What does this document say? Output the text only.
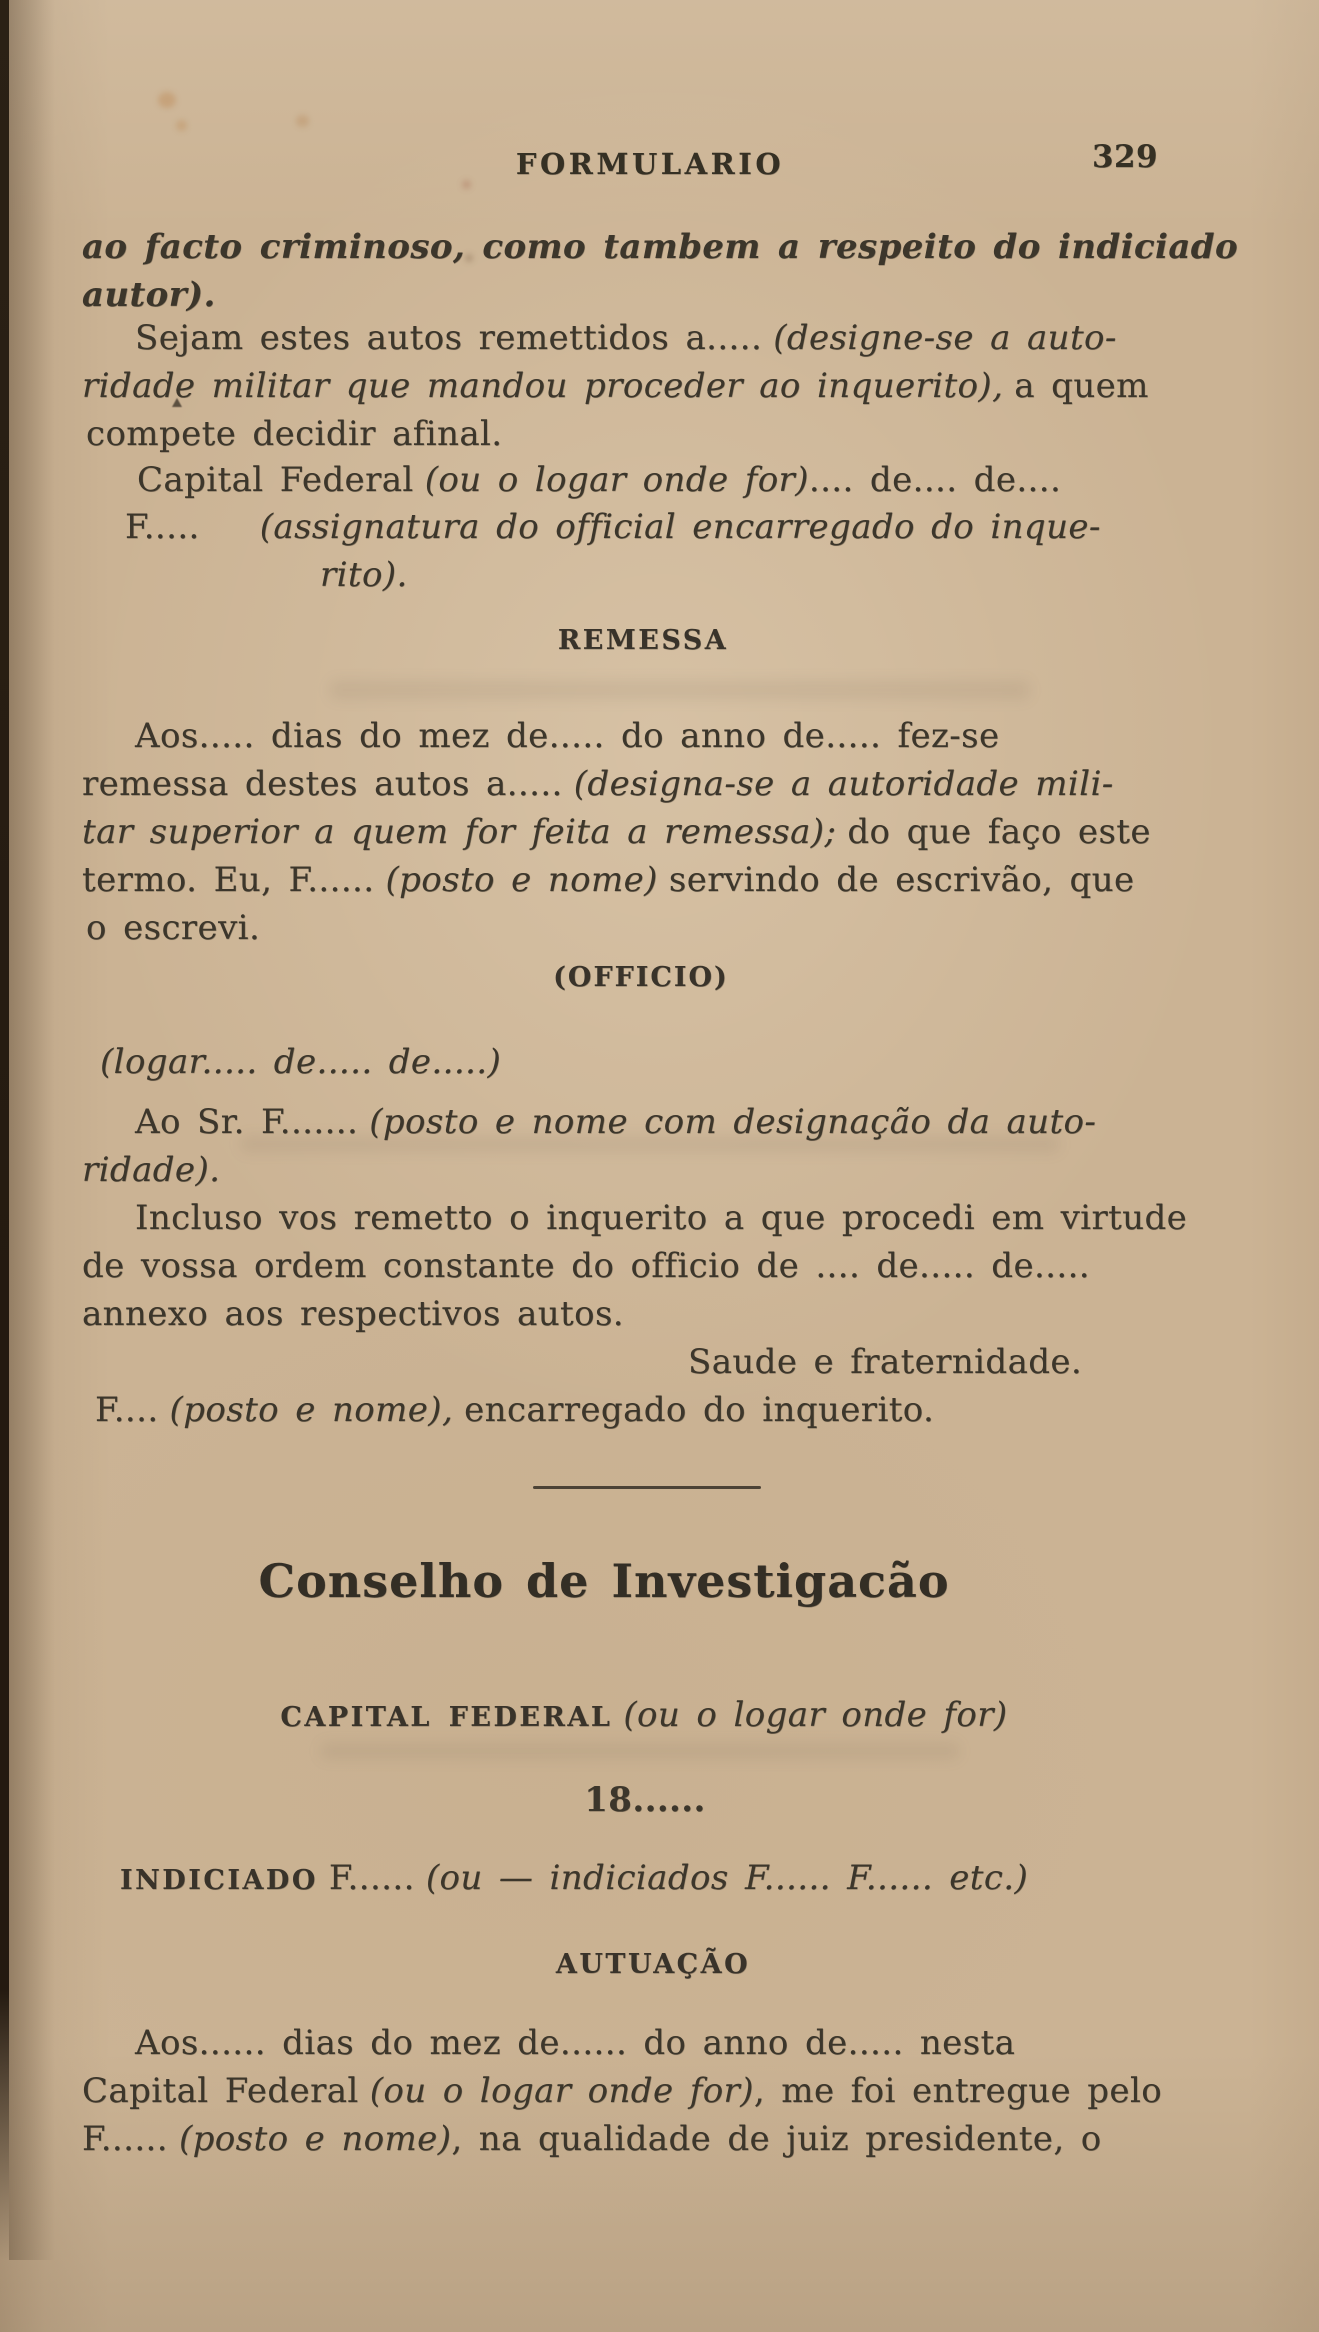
FORMULARIO	329
ao facto criminoso, como tambem a respeito do indiciado
autor).
Sejam estes autos remettidos a..... (designe-se a auto-
ridade militar que mandou proceder ao inquerito), a quem
compete decidir afinal.
Capital Federal (ou o logar onde for).... de.... de....
F..... (assignatura do official encarregado do inque-
rito).
REMESSA
Aos..... dias do mez de..... do anno de..... fez-se
remessa destes autos a..... (designa-se a autoridade mili-
tar superior a quem for feita a remessa); do que faço este
termo. Eu, F...... (posto e nome) servindo de escrivão, que
o escrevi.
(OFFICIO)
(logar..... de..... de.....)
Ao Sr. F....... (posto e nome com designação da auto-
ridade).
Incluso vos remetto o inquerito a que procedi em virtude
de vossa ordem constante do officio de .... de..... de.....
annexo aos respectivos autos.
Saude e fraternidade.
F.... (posto e nome), encarregado do inquerito.
Conselho de Investigacão
CAPITAL FEDERAL (ou o logar onde for)
18......
INDICIADO F...... (ou — indiciados F...... F...... etc.)
AUTUAÇÃO
Aos...... dias do mez de...... do anno de..... nesta
Capital Federal (ou o logar onde for), me foi entregue pelo
F...... (posto e nome), na qualidade de juiz presidente, o
